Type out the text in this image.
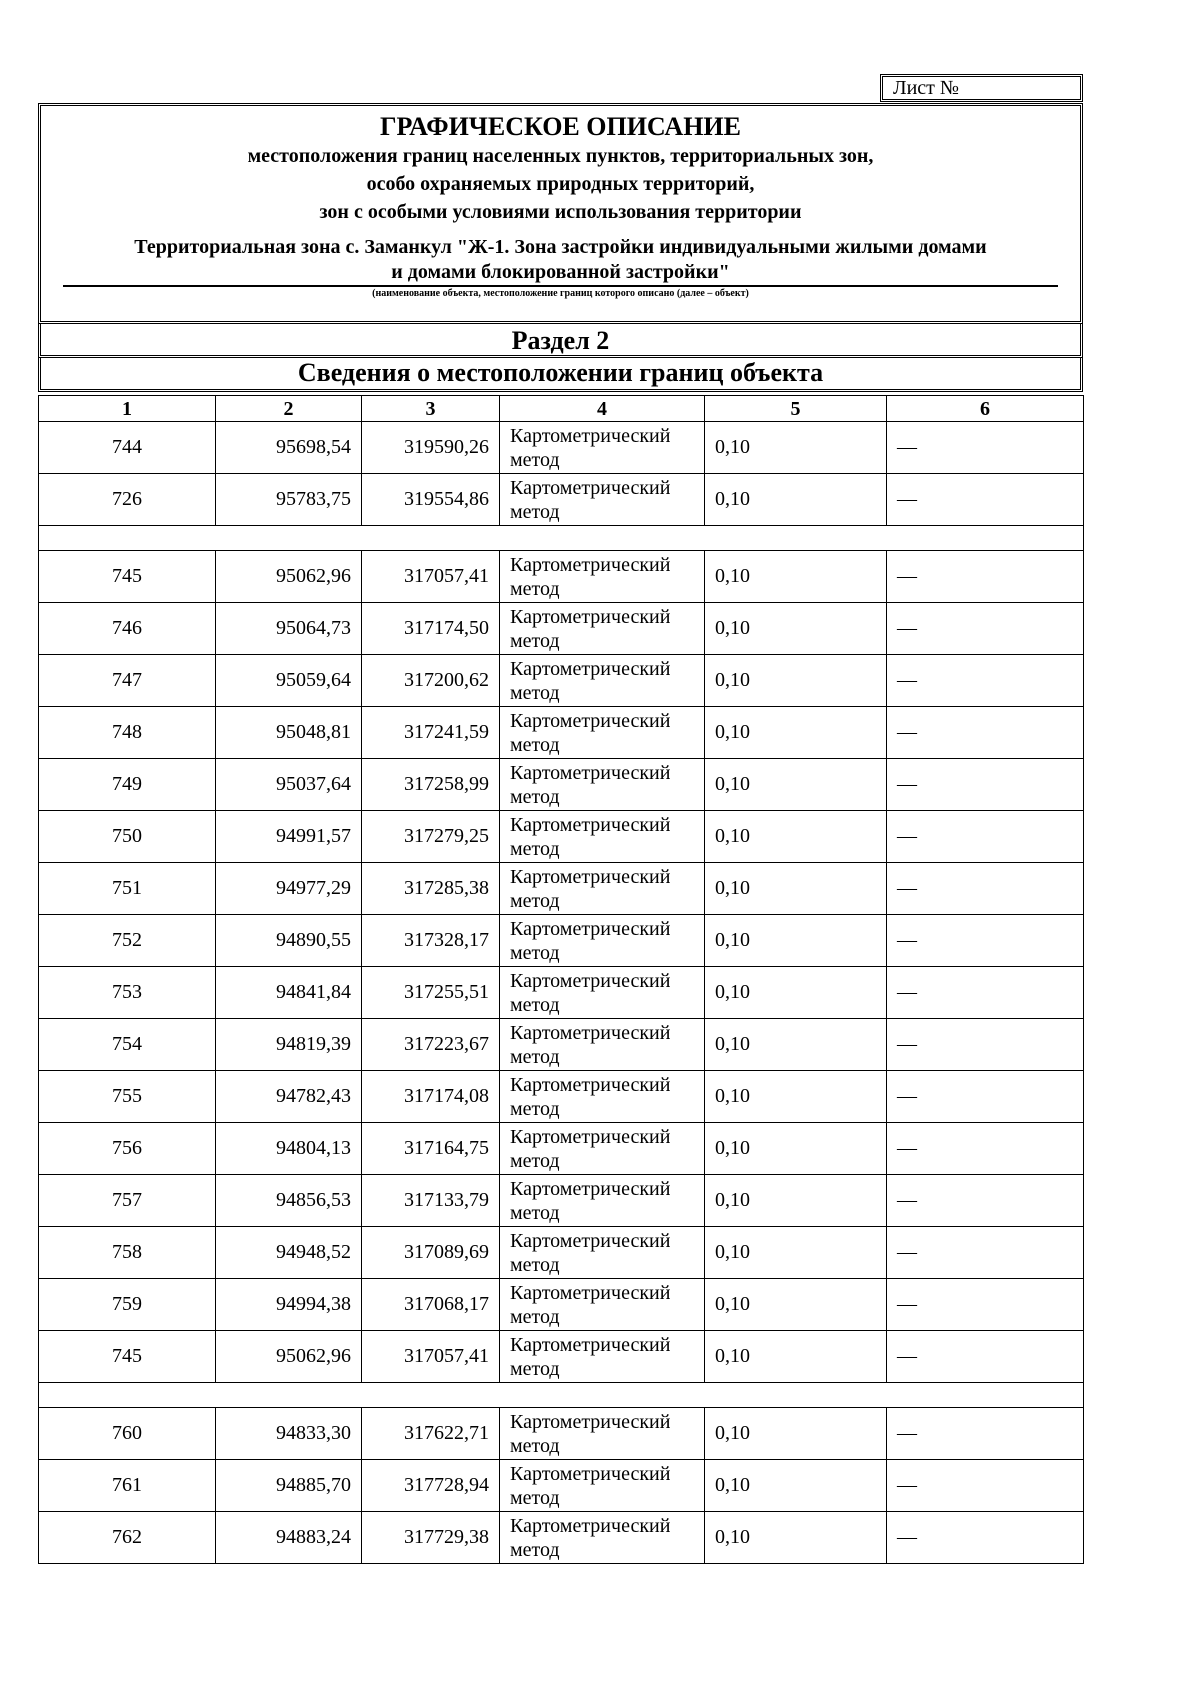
Лист №
ГРАФИЧЕСКОЕ ОПИСАНИЕ
местоположения границ населенных пунктов, территориальных зон,
особо охраняемых природных территорий,
зон с особыми условиями использования территории
Территориальная зона с. Заманкул "Ж-1. Зона застройки индивидуальными жилыми домами
и домами блокированной застройки"
(наименование объекта, местоположение границ которого описано (далее – объект)
Раздел 2
Сведения о местоположении границ объекта
1	2	3	4	5	6
744	95698,54	319590,26	Картометрический метод	0,10	—
726	95783,75	319554,86	Картометрический метод	0,10	—

745	95062,96	317057,41	Картометрический метод	0,10	—
746	95064,73	317174,50	Картометрический метод	0,10	—
747	95059,64	317200,62	Картометрический метод	0,10	—
748	95048,81	317241,59	Картометрический метод	0,10	—
749	95037,64	317258,99	Картометрический метод	0,10	—
750	94991,57	317279,25	Картометрический метод	0,10	—
751	94977,29	317285,38	Картометрический метод	0,10	—
752	94890,55	317328,17	Картометрический метод	0,10	—
753	94841,84	317255,51	Картометрический метод	0,10	—
754	94819,39	317223,67	Картометрический метод	0,10	—
755	94782,43	317174,08	Картометрический метод	0,10	—
756	94804,13	317164,75	Картометрический метод	0,10	—
757	94856,53	317133,79	Картометрический метод	0,10	—
758	94948,52	317089,69	Картометрический метод	0,10	—
759	94994,38	317068,17	Картометрический метод	0,10	—
745	95062,96	317057,41	Картометрический метод	0,10	—

760	94833,30	317622,71	Картометрический метод	0,10	—
761	94885,70	317728,94	Картометрический метод	0,10	—
762	94883,24	317729,38	Картометрический метод	0,10	—
